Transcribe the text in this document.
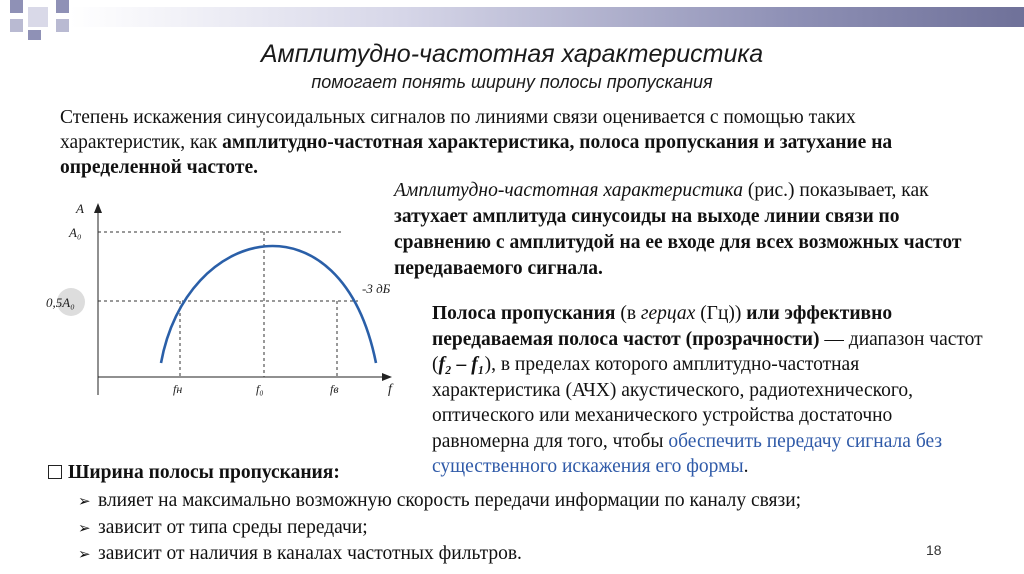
Амплитудно-частотная характеристика
помогает понять ширину полосы пропускания

Степень искажения синусоидальных сигналов по линиями связи оценивается с помощью таких характеристик, как амплитудно-частотная характеристика, полоса пропускания и затухание на определенной частоте.

A
A₀
0,5A₀
-3 дБ
fн	f₀	fв	f

Амплитудно-частотная характеристика (рис.) показывает, как затухает амплитуда синусоиды на выходе линии связи по сравнению с амплитудой на ее входе для всех возможных частот передаваемого сигнала.

Полоса пропускания (в герцах (Гц)) или эффективно передаваемая полоса частот (прозрачности) — диапазон частот (f₂ – f₁), в пределах которого амплитудно-частотная характеристика (АЧХ) акустического, радиотехнического, оптического или механического устройства достаточно равномерна для того, чтобы обеспечить передачу сигнала без существенного искажения его формы.

Ширина полосы пропускания:
➢ влияет на максимально возможную скорость передачи информации по каналу связи;
➢ зависит от типа среды передачи;
➢ зависит от наличия в каналах частотных фильтров.	18
